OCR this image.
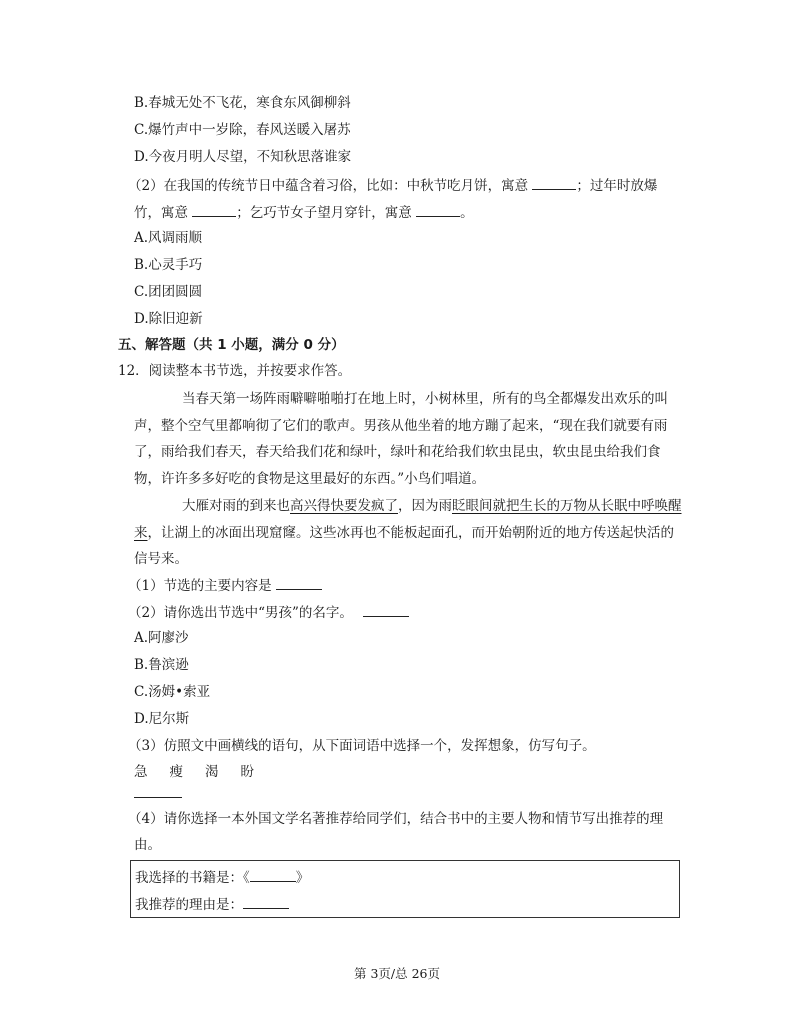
B.春城无处不飞花，寒食东风御柳斜
C.爆竹声中一岁除，春风送暖入屠苏
D.今夜月明人尽望，不知秋思落谁家
（2）在我国的传统节日中蕴含着习俗，比如：中秋节吃月饼，寓意	；过年时放爆
竹，寓意	；乞巧节女子望月穿针，寓意	。
A.风调雨顺
B.心灵手巧
C.团团圆圆
D.除旧迎新
五、解答题（共 1 小题，满分 0 分）
12．阅读整本书节选，并按要求作答。
当春天第一场阵雨噼噼啪啪打在地上时，小树林里，所有的鸟全都爆发出欢乐的叫声，整个空气里都响彻了它们的歌声。男孩从他坐着的地方蹦了起来，“现在我们就要有雨了，雨给我们春天，春天给我们花和绿叶，绿叶和花给我们软虫昆虫，软虫昆虫给我们食物，许许多多好吃的食物是这里最好的东西。”小鸟们唱道。
大雁对雨的到来也高兴得快要发疯了，因为雨眨眼间就把生长的万物从长眠中呼唤醒来，让湖上的冰面出现窟窿。这些冰再也不能板起面孔，而开始朝附近的地方传送起快活的信号来。
（1）节选的主要内容是
（2）请你选出节选中“男孩”的名字。
A.阿廖沙
B.鲁滨逊
C.汤姆•索亚
D.尼尔斯
（3）仿照文中画横线的语句，从下面词语中选择一个，发挥想象，仿写句子。
急 瘦 渴 盼
（4）请你选择一本外国文学名著推荐给同学们，结合书中的主要人物和情节写出推荐的理
由。
我选择的书籍是：《	》
我推荐的理由是：
第 3页/总 26页
